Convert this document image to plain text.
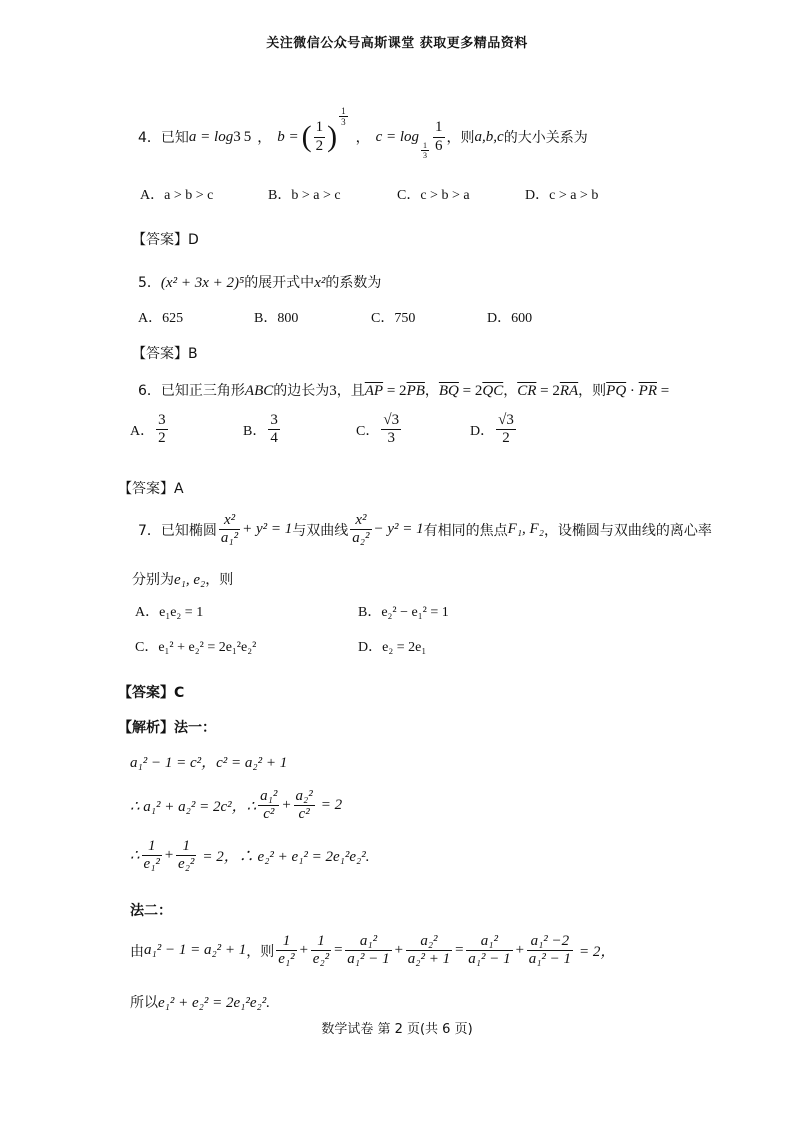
关注微信公众号高斯课堂 获取更多精品资料
4．已知 a = log 3 5 ， b = ( $\frac{1}{2}$ )
$\frac{1}{3}$
， c = log
$\frac{1}{3} \frac{1}{6}$ ，则 a,b,c 的大小关系为
A．a > b > c	B．b > a > c	C．c > b > a	D．c > a > b
【答案】D
5．(x² + 3x + 2)⁵的展开式中x²的系数为
A．625	B．800	C．750	D．600
【答案】B
6．已知正三角形ABC的边长为3，且$\overline{AP} = 2\overline{PB}$，$\overline{BQ} = 2\overline{QC}$，$\overline{CR} = 2\overline{RA}$，则$\overline{PQ} \cdot \overline{PR}$ =
A． $\frac{3}{2}$	B． $\frac{3}{4}$	C． $\frac{√3}{3}$	D． $\frac{√3}{2}$
【答案】A
7．已知椭圆 $\frac{\text{x²}}{\text{a₁²}} + y^2 = 1$ 与双曲线 $\frac{\text{x²}}{\text{a₂²}} - y^2 = 1$ 有相同的焦点 F₁, F₂ ，设椭圆与双曲线的离心率
分别为e₁, e₂，则
A．e₁e₂ = 1	B．e₂² − e₁² = 1
C．e₁² + e₂² = 2e₁²e₂²	D．e₂ = 2e₁
【答案】C
【解析】法一：
a₁² − 1 = c²，c² = a₂² + 1
∴ a₁² + a₂² = 2c²，∴ $\frac{\text{a₁²}}{\text{c²}} + \frac{\text{a₂²}}{\text{c²}} = 2$
∴ $\frac{1}{\text{e₁²}} + \frac{1}{\text{e₂²}} = 2$，∴ e₂² + e₁² = 2e₁²e₂².
法二：
由 a₁² − 1 = a₂² + 1 ，则 $\frac{1}{\text{e₁²}} + \frac{1}{\text{e₂²}} = \frac{\text{a₁²}}{\text{a₁² − 1}} + \frac{\text{a₂²}}{\text{a₂² + 1}} = \frac{\text{a₁²}}{\text{a₁² − 1}} + \frac{\text{a₁² −2}}{\text{a₁² − 1}} = 2$，
所以e₁² + e₂² = 2e₁²e₂².
数学试卷 第 2 页(共 6 页)
